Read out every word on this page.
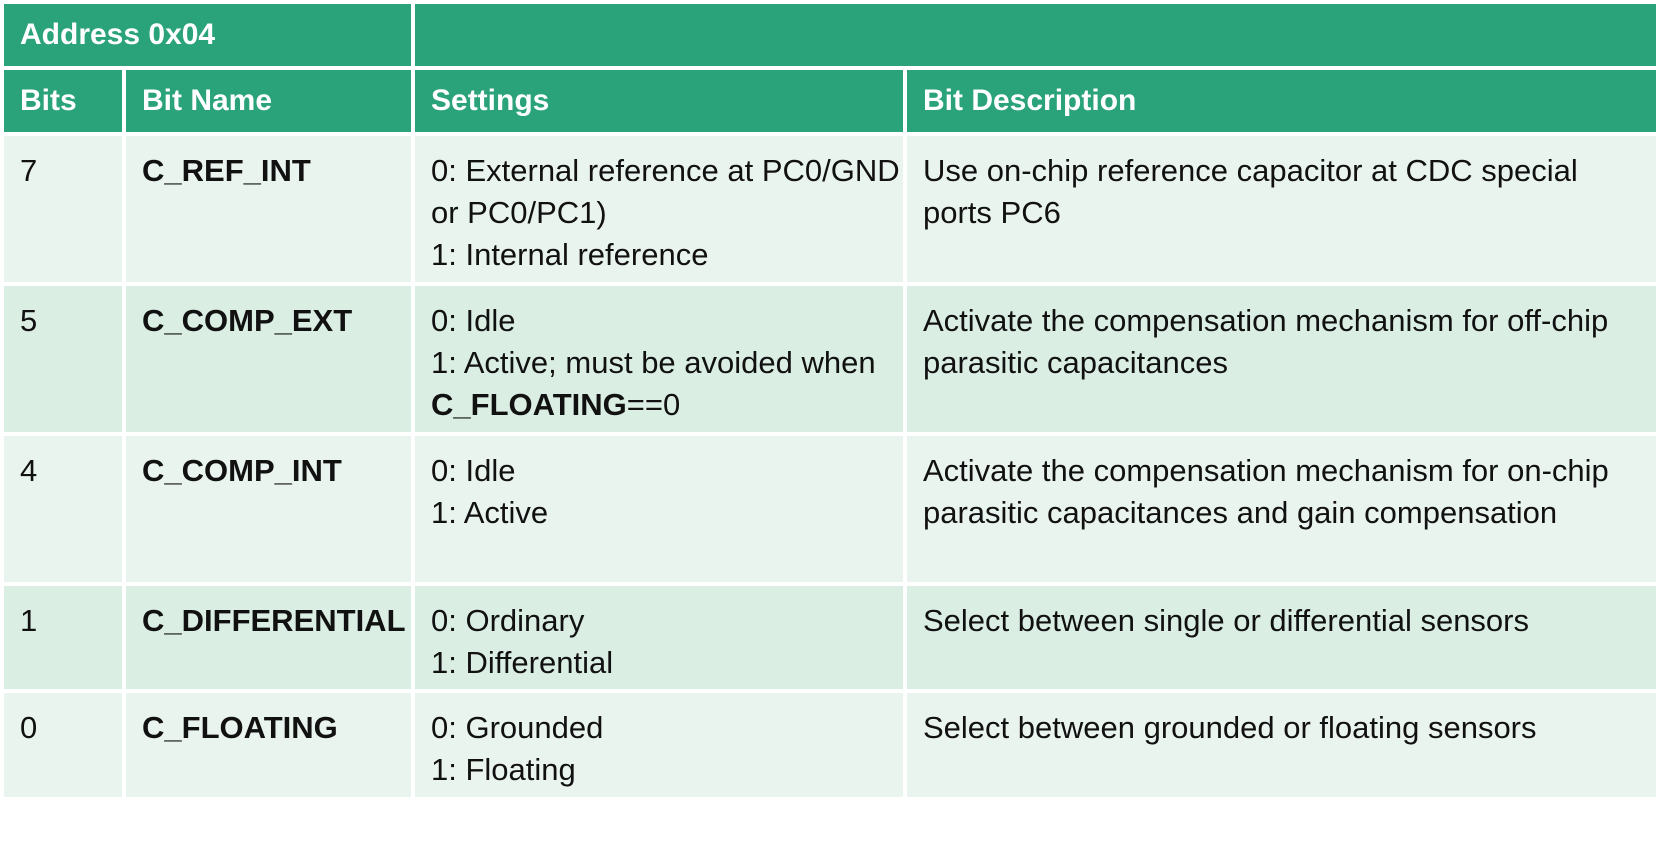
Address 0x04			
Bits	Bit Name	Settings	Bit Description
7	C_REF_INT	0: External reference at PC0/GND
or PC0/PC1)
1: Internal reference	Use on-chip reference capacitor at CDC special ports PC6

5	C_COMP_EXT	0: Idle
1: Active; must be avoided when
C_FLOATING==0	Activate the compensation mechanism for off-chip parasitic capacitances

4	C_COMP_INT	0: Idle
1: Active	Activate the compensation mechanism for on-chip parasitic capacitances and gain compensation

1	C_DIFFERENTIAL	0: Ordinary
1: Differential	Select between single or differential sensors

0	C_FLOATING	0: Grounded
1: Floating	Select between grounded or floating sensors
